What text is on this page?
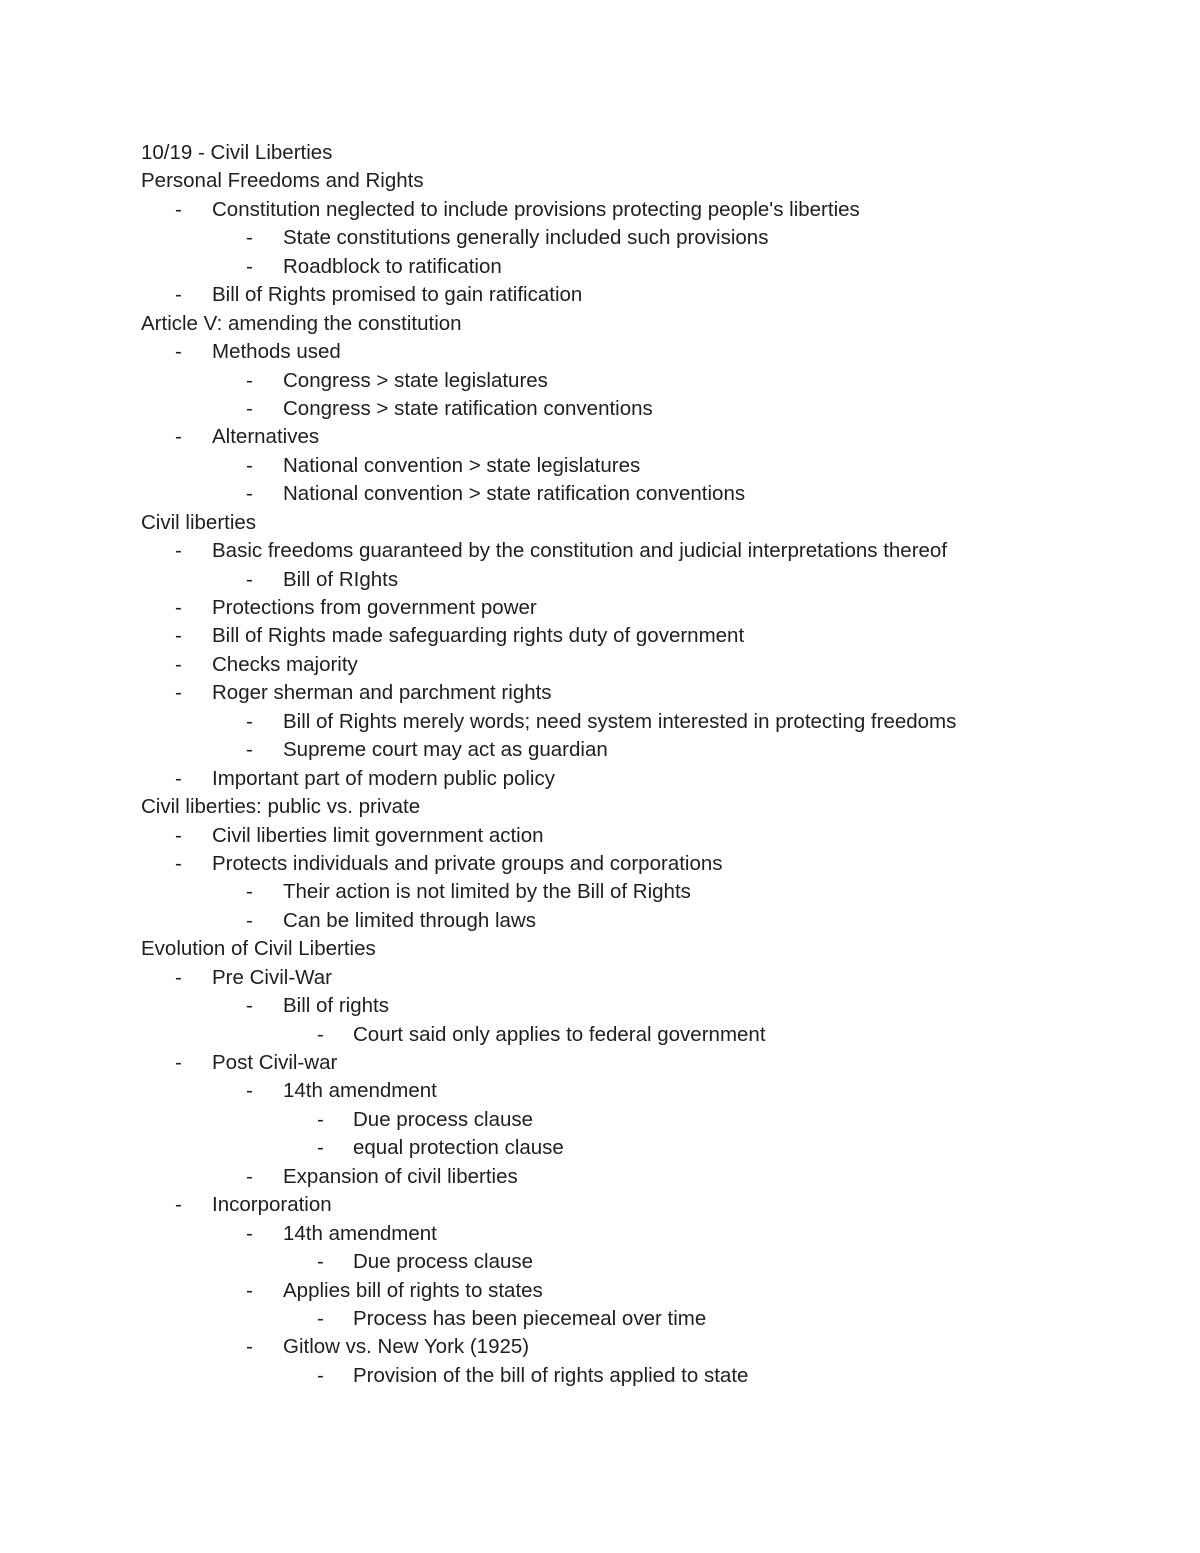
10/19 - Civil Liberties
Personal Freedoms and Rights
- Constitution neglected to include provisions protecting people's liberties
- State constitutions generally included such provisions
- Roadblock to ratification
- Bill of Rights promised to gain ratification
Article V: amending the constitution
- Methods used
- Congress > state legislatures
- Congress > state ratification conventions
- Alternatives
- National convention > state legislatures
- National convention > state ratification conventions
Civil liberties
- Basic freedoms guaranteed by the constitution and judicial interpretations thereof
- Bill of RIghts
- Protections from government power
- Bill of Rights made safeguarding rights duty of government
- Checks majority
- Roger sherman and parchment rights
- Bill of Rights merely words; need system interested in protecting freedoms
- Supreme court may act as guardian
- Important part of modern public policy
Civil liberties: public vs. private
- Civil liberties limit government action
- Protects individuals and private groups and corporations
- Their action is not limited by the Bill of Rights
- Can be limited through laws
Evolution of Civil Liberties
- Pre Civil-War
- Bill of rights
- Court said only applies to federal government
- Post Civil-war
- 14th amendment
- Due process clause
- equal protection clause
- Expansion of civil liberties
- Incorporation
- 14th amendment
- Due process clause
- Applies bill of rights to states
- Process has been piecemeal over time
- Gitlow vs. New York (1925)
- Provision of the bill of rights applied to state
